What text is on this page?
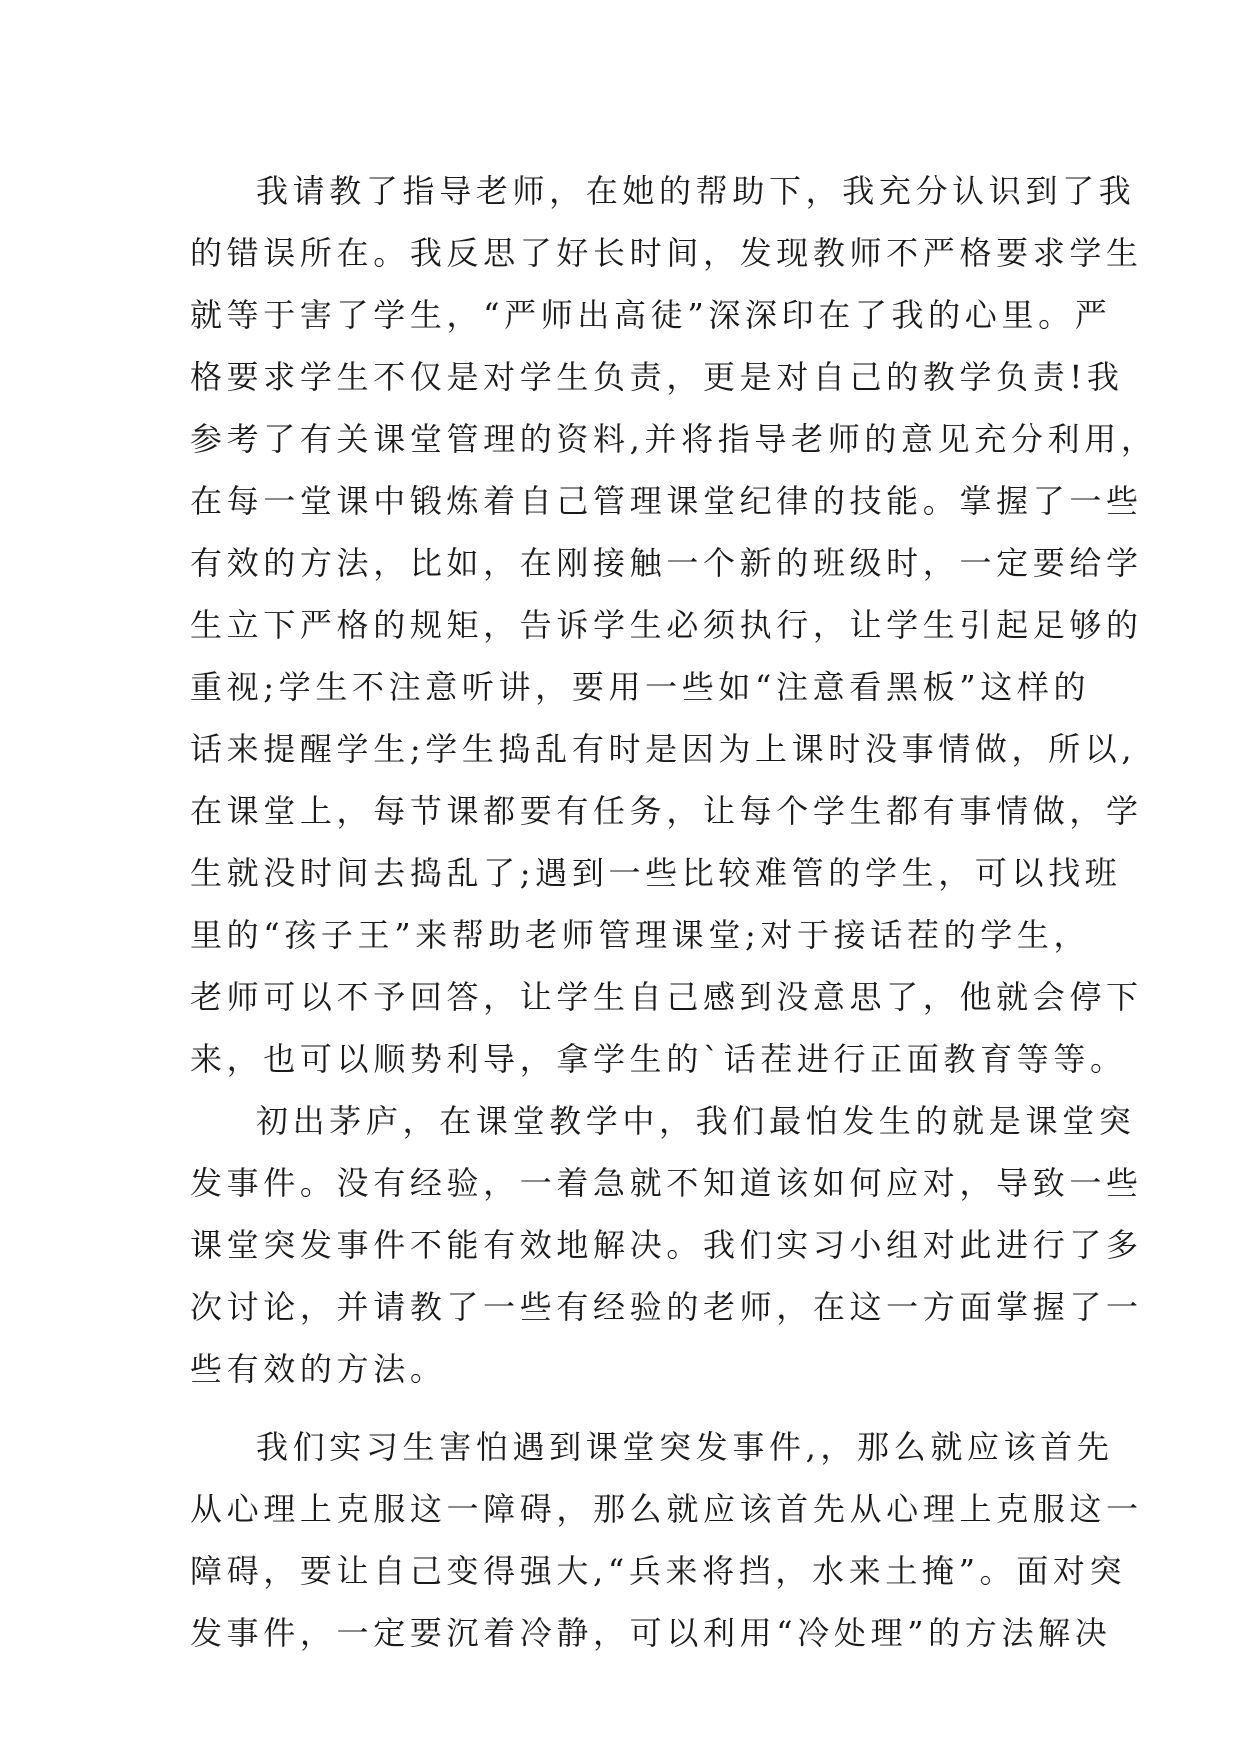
我请教了指导老师，在她的帮助下，我充分认识到了我
的错误所在。我反思了好长时间，发现教师不严格要求学生
就等于害了学生，“严师出高徒”深深印在了我的心里。严
格要求学生不仅是对学生负责，更是对自己的教学负责!我
参考了有关课堂管理的资料,并将指导老师的意见充分利用，
在每一堂课中锻炼着自己管理课堂纪律的技能。掌握了一些
有效的方法，比如，在刚接触一个新的班级时，一定要给学
生立下严格的规矩，告诉学生必须执行，让学生引起足够的
重视;学生不注意听讲，要用一些如“注意看黑板”这样的
话来提醒学生;学生捣乱有时是因为上课时没事情做，所以,
在课堂上，每节课都要有任务，让每个学生都有事情做，学
生就没时间去捣乱了;遇到一些比较难管的学生，可以找班
里的“孩子王”来帮助老师管理课堂;对于接话茬的学生，
老师可以不予回答，让学生自己感到没意思了，他就会停下
来，也可以顺势利导，拿学生的`话茬进行正面教育等等。
初出茅庐，在课堂教学中，我们最怕发生的就是课堂突
发事件。没有经验，一着急就不知道该如何应对，导致一些
课堂突发事件不能有效地解决。我们实习小组对此进行了多
次讨论，并请教了一些有经验的老师，在这一方面掌握了一
些有效的方法。
我们实习生害怕遇到课堂突发事件,，那么就应该首先
从心理上克服这一障碍，那么就应该首先从心理上克服这一
障碍，要让自己变得强大,“兵来将挡，水来土掩”。面对突
发事件，一定要沉着冷静，可以利用“冷处理”的方法解决
